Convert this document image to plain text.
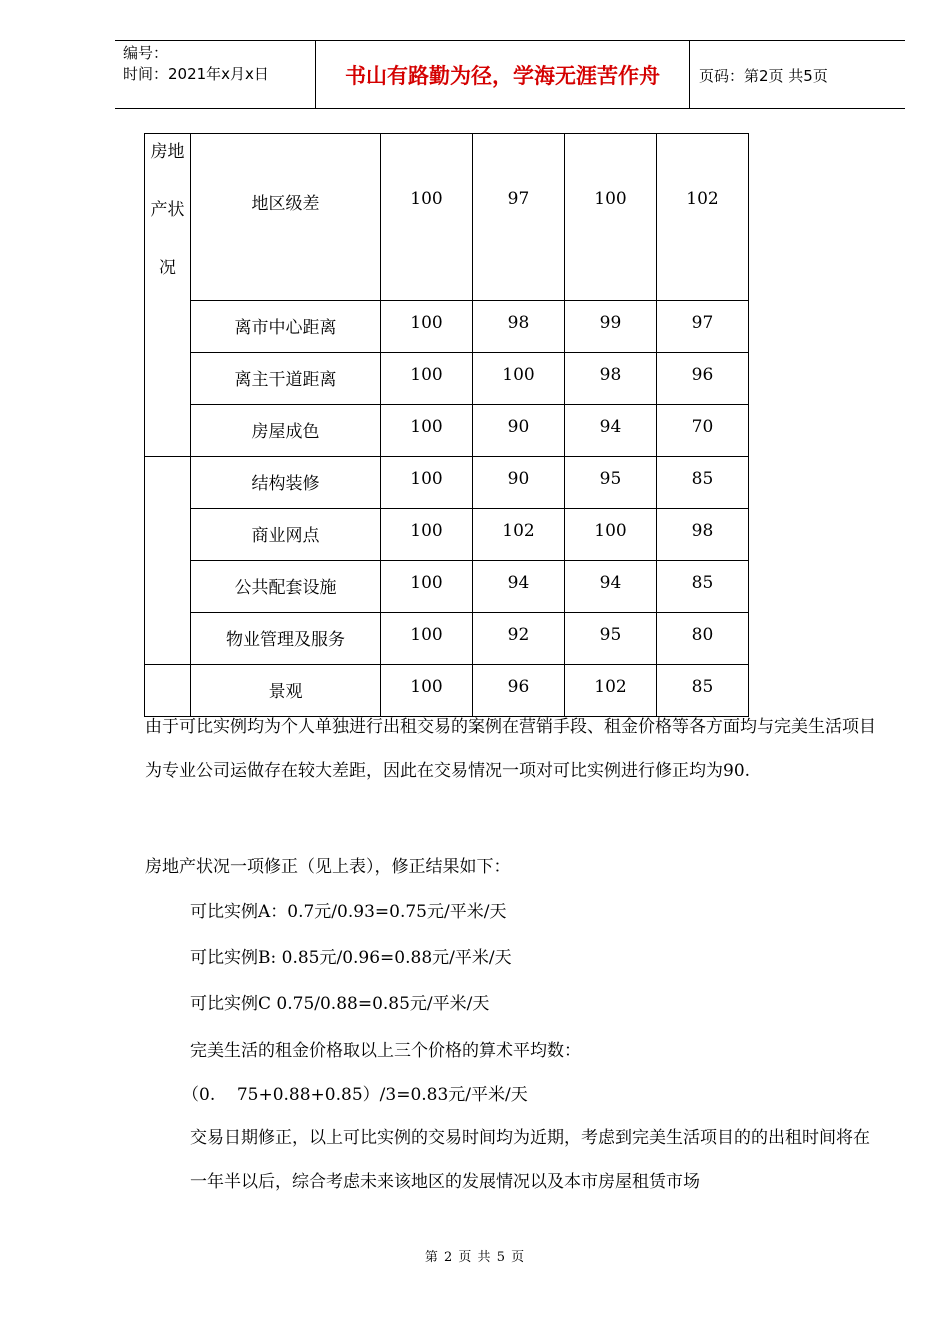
编号：
时间：2021年x月x日	书山有路勤为径，学海无涯苦作舟	页码：第2页 共5页
房地
产状
况	地区级差	100	97	100	102

	离市中心距离	100	98	99	97

	离主干道距离	100	100	98	96

	房屋成色	100	90	94	70

	结构装修	100	90	95	85

	商业网点	100	102	100	98

	公共配套设施	100	94	94	85

	物业管理及服务	100	92	95	80

	景观	100	96	102	85
由于可比实例均为个人单独进行出租交易的案例在营销手段、租金价格等各方面均与完美生活项目为专业公司运做存在较大差距，因此在交易情况一项对可比实例进行修正均为90.
房地产状况一项修正（见上表），修正结果如下：
可比实例A：0.7元/0.93=0.75元/平米/天
可比实例B: 0.85元/0.96=0.88元/平米/天
可比实例C 0.75/0.88=0.85元/平米/天
完美生活的租金价格取以上三个价格的算术平均数：
（0.    75+0.88+0.85）/3=0.83元/平米/天
交易日期修正，以上可比实例的交易时间均为近期，考虑到完美生活项目的的出租时间将在一年半以后，综合考虑未来该地区的发展情况以及本市房屋租赁市场
第 2 页 共 5 页
